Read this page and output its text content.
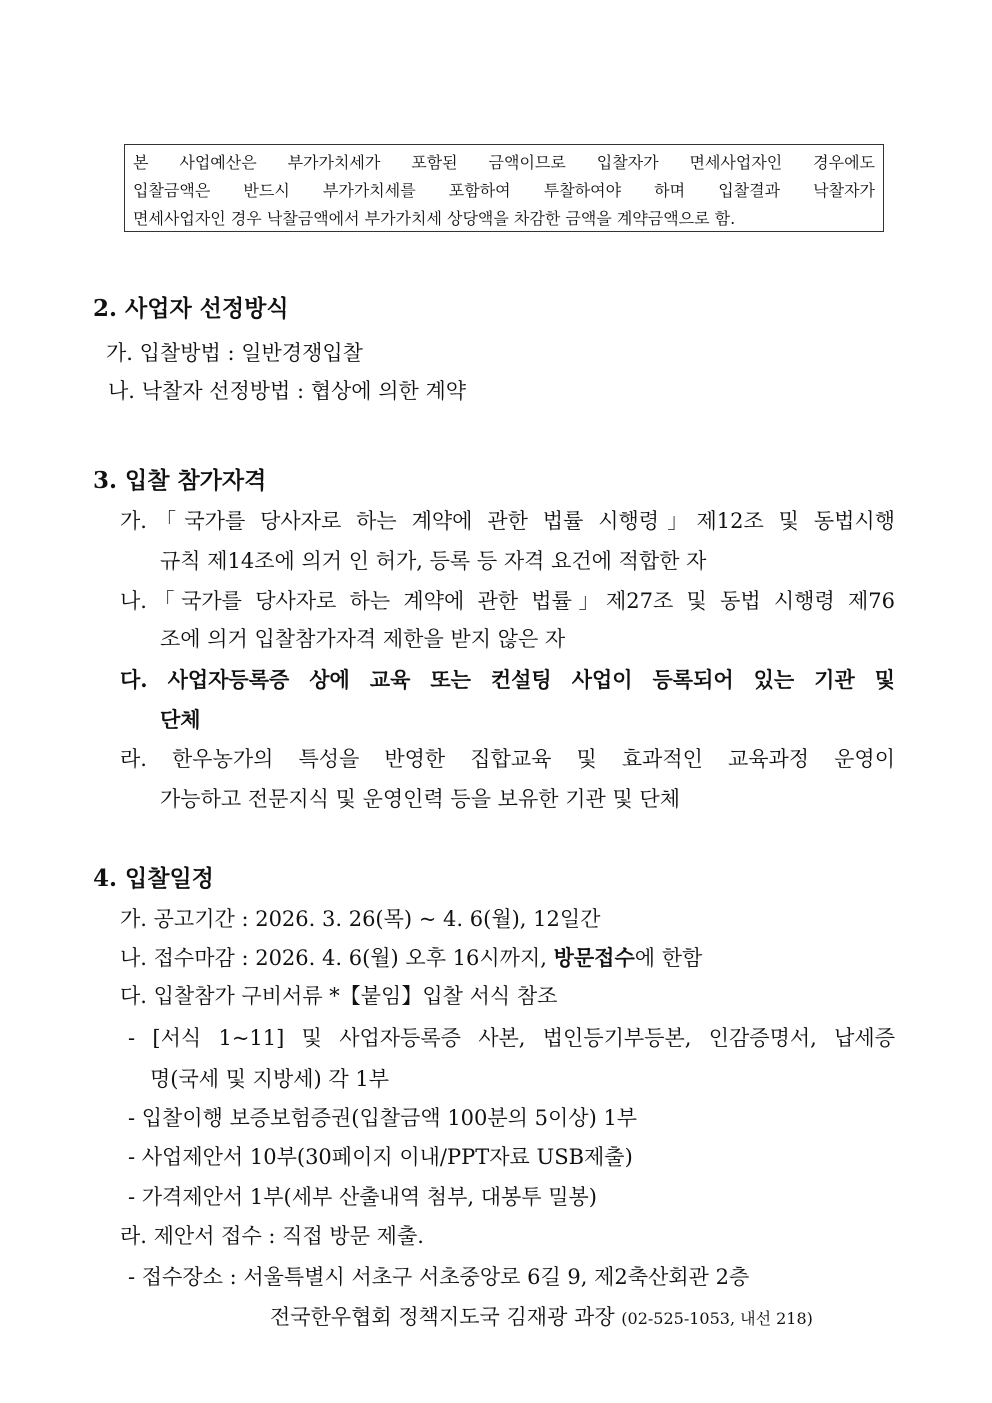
본 사업예산은 부가가치세가 포함된 금액이므로 입찰자가 면세사업자인 경우에도
입찰금액은 반드시 부가가치세를 포함하여 투찰하여야 하며 입찰결과 낙찰자가
면세사업자인 경우 낙찰금액에서 부가가치세 상당액을 차감한 금액을 계약금액으로 함.
2. 사업자 선정방식
가. 입찰방법 : 일반경쟁입찰
나. 낙찰자 선정방법 : 협상에 의한 계약
3. 입찰 참가자격
가.「국가를 당사자로 하는 계약에 관한 법률 시행령」제12조 및 동법시행
규칙 제14조에 의거 인 허가, 등록 등 자격 요건에 적합한 자
나.「국가를 당사자로 하는 계약에 관한 법률」제27조 및 동법 시행령 제76
조에 의거 입찰참가자격 제한을 받지 않은 자
다. 사업자등록증 상에 교육 또는 컨설팅 사업이 등록되어 있는 기관 및
단체
라. 한우농가의 특성을 반영한 집합교육 및 효과적인 교육과정 운영이
가능하고 전문지식 및 운영인력 등을 보유한 기관 및 단체
4. 입찰일정
가. 공고기간 : 2026. 3. 26(목) ~ 4. 6(월), 12일간
나. 접수마감 : 2026. 4. 6(월) 오후 16시까지, 방문접수에 한함
다. 입찰참가 구비서류 *【붙임】입찰 서식 참조
- [서식 1~11] 및 사업자등록증 사본, 법인등기부등본, 인감증명서, 납세증
명(국세 및 지방세) 각 1부
- 입찰이행 보증보험증권(입찰금액 100분의 5이상) 1부
- 사업제안서 10부(30페이지 이내/PPT자료 USB제출)
- 가격제안서 1부(세부 산출내역 첨부, 대봉투 밀봉)
라. 제안서 접수 : 직접 방문 제출.
- 접수장소 : 서울특별시 서초구 서초중앙로 6길 9, 제2축산회관 2층
전국한우협회 정책지도국 김재광 과장 (02-525-1053, 내선 218)
